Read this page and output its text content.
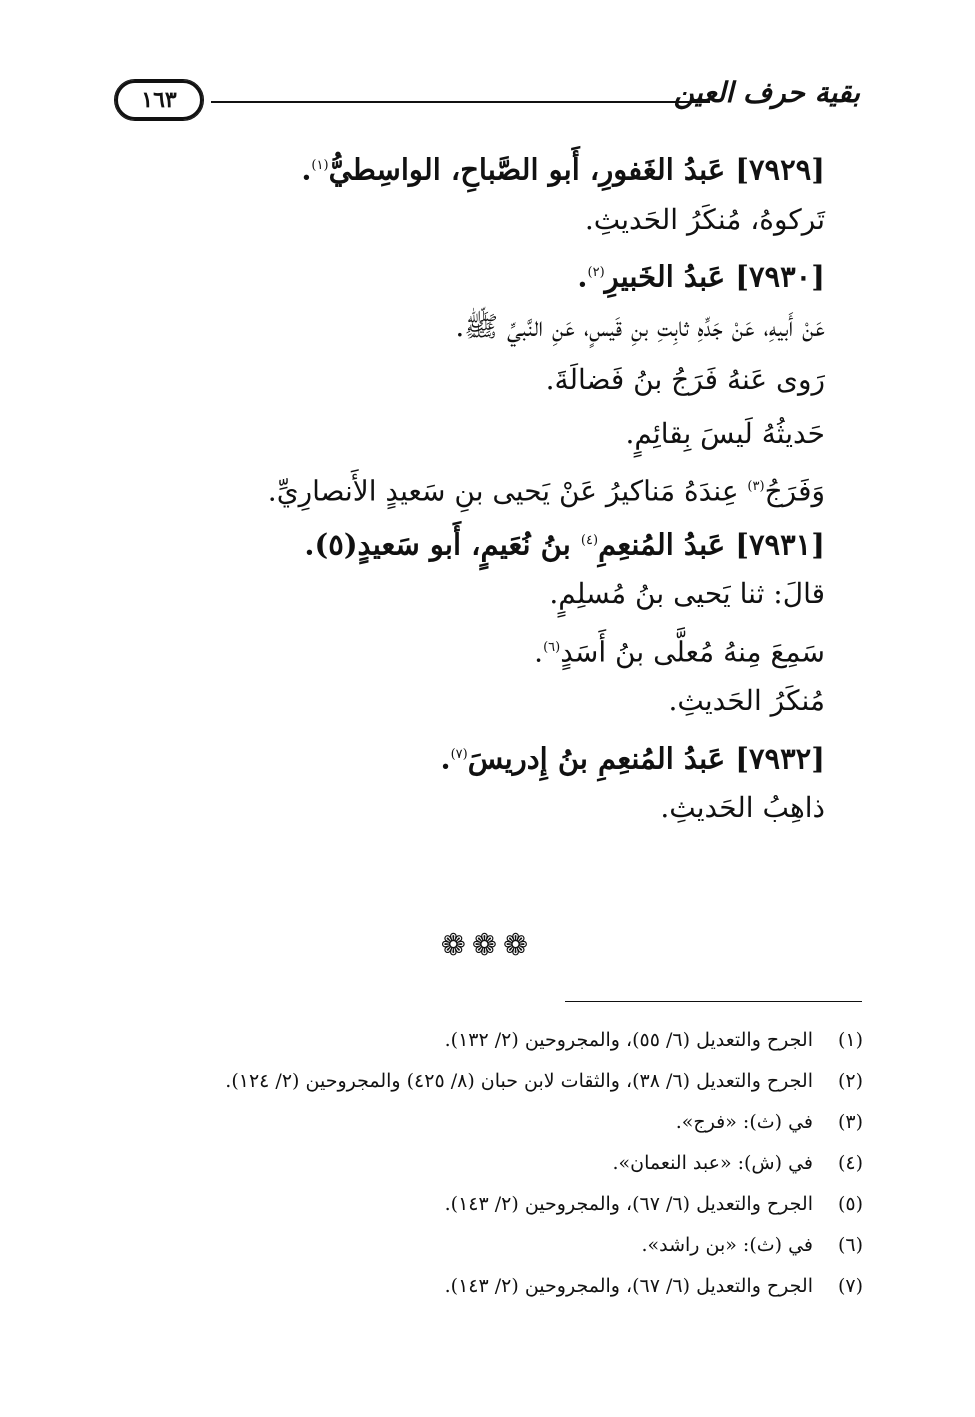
١٦٣	بقية حرف العين
[٧٩٢٩] عَبدُ الغَفورِ، أَبو الصَّباحِ، الواسِطيُّ$^{(١)}$.
تَركوهُ، مُنكَرُ الحَديثِ.
[٧٩٣٠] عَبدُ الخَبيرِ$^{(٢)}$.
عَنْ أَبيهِ، عَنْ جَدِّهِ ثابِتِ بنِ قَيسٍ، عَنِ النَّبيِّ ﷺ.
رَوى عَنهُ فَرَجُ بنُ فَضالَةَ.
حَديثُهُ لَيسَ بِقائِمٍ.
وَفَرَجُ$^{(٣)}$ عِندَهُ مَناكيرُ عَنْ يَحيى بنِ سَعيدٍ الأَنصارِيِّ.
[٧٩٣١] عَبدُ المُنعِمِ$^{(٤)}$ بنُ نُعَيمٍ، أَبو سَعيدٍ(٥).
قالَ: ثنا يَحيى بنُ مُسلِمٍ.
سَمِعَ مِنهُ مُعلَّى بنُ أَسَدٍ$^{(٦)}$.
مُنكَرُ الحَديثِ.
[٧٩٣٢] عَبدُ المُنعِمِ بنُ إِدريسَ$^{(٧)}$.
ذاهِبُ الحَديثِ.
❁❁❁
(١)الجرح والتعديل (٦/ ٥٥)، والمجروحين (٢/ ١٣٢).
(٢)الجرح والتعديل (٦/ ٣٨)، والثقات لابن حبان (٨/ ٤٢٥) والمجروحين (٢/ ١٢٤).
(٣)في (ث): «فرج».
(٤)في (ش): «عبد النعمان».
(٥)الجرح والتعديل (٦/ ٦٧)، والمجروحين (٢/ ١٤٣).
(٦)في (ث): «بن راشد».
(٧)الجرح والتعديل (٦/ ٦٧)، والمجروحين (٢/ ١٤٣).
